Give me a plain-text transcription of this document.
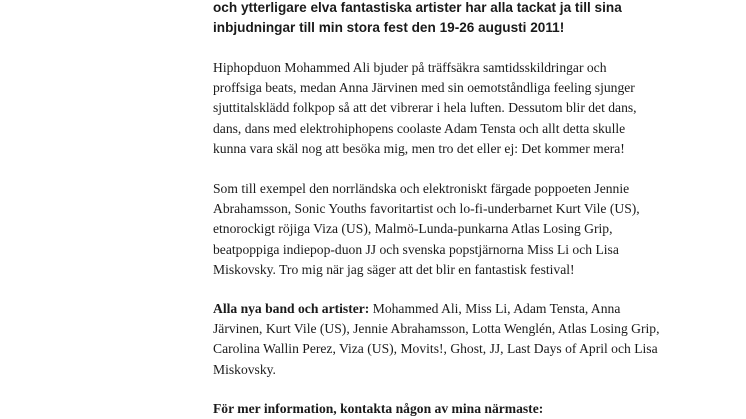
och ytterligare elva fantastiska artister har alla tackat ja till sina
inbjudningar till min stora fest den 19-26 augusti 2011!

Hiphopduon Mohammed Ali bjuder på träffsäkra samtidsskildringar och
proffsiga beats, medan Anna Järvinen med sin oemotståndliga feeling sjunger
sjuttitalsklädd folkpop så att det vibrerar i hela luften. Dessutom blir det dans,
dans, dans med elektrohiphopens coolaste Adam Tensta och allt detta skulle
kunna vara skäl nog att besöka mig, men tro det eller ej: Det kommer mera!

Som till exempel den norrländska och elektroniskt färgade poppoeten Jennie
Abrahamsson, Sonic Youths favoritartist och lo-fi-underbarnet Kurt Vile (US),
etnorockigt röjiga Viza (US), Malmö-Lunda-punkarna Atlas Losing Grip,
beatpoppiga indiepop-duon JJ och svenska popstjärnorna Miss Li och Lisa
Miskovsky. Tro mig när jag säger att det blir en fantastisk festival!

Alla nya band och artister: Mohammed Ali, Miss Li, Adam Tensta, Anna
Järvinen, Kurt Vile (US), Jennie Abrahamsson, Lotta Wenglén, Atlas Losing Grip,
Carolina Wallin Perez, Viza (US), Movits!, Ghost, JJ, Last Days of April och Lisa
Miskovsky.

För mer information, kontakta någon av mina närmaste:
